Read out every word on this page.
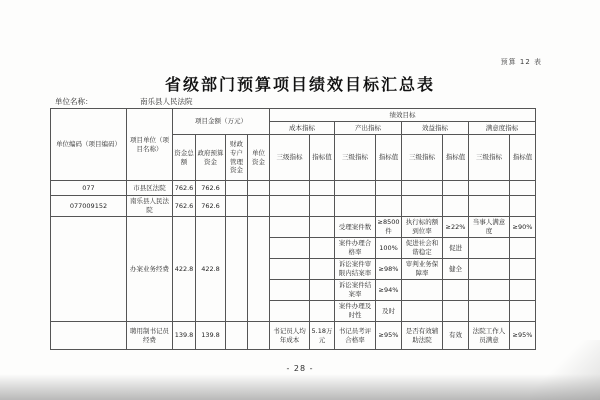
预算 12 表
省级部门预算项目绩效目标汇总表
单位名称：	南乐县人民法院
单位编码（项目编码）	项目单位（项目名称）	项目金额（万元）				绩效目标							
						成本指标		产出指标		效益指标		满意度指标	
		资金总额	政府预算资金	财政专户管理资金	单位资金	三级指标	指标值	三级指标	指标值	三级指标	指标值	三级指标	指标值
077	市县区法院	762.6	762.6										
077009152	南乐县人民法院	762.6	762.6										
	办案业务经费	422.8	422.8					受理案件数	≥8500件	执行标的额到位率	≥22%	当事人满意度	≥90%
								案件办理合格率	100%	促进社会和谐稳定	促进		
								诉讼案件审限内结案率	≥98%	审判业务保障率	健全		
								诉讼案件结案率	≥94%				
								案件办理及时性	及时				
	聘用制书记员经费	139.8	139.8			书记员人均年成本	5.18万元	书记员考评合格率	≥95%	是否有效辅助法院	有效	法院工作人员满意	≥95%
- 28 -
